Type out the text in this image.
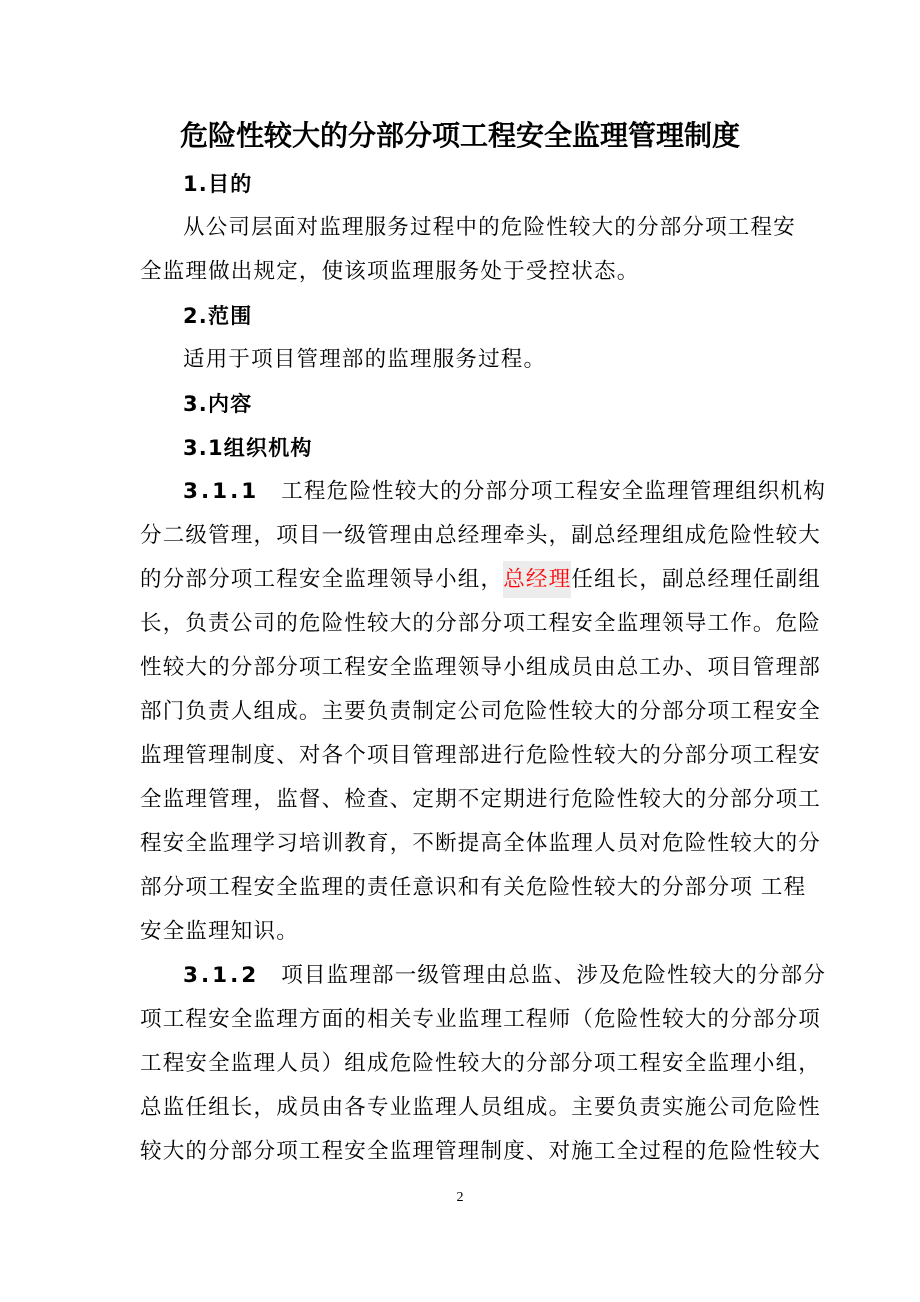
危险性较大的分部分项工程安全监理管理制度
1.目的
从公司层面对监理服务过程中的危险性较大的分部分项工程安
全监理做出规定，使该项监理服务处于受控状态。
2.范围
适用于项目管理部的监理服务过程。
3.内容
3.1组织机构
3.1.1 工程危险性较大的分部分项工程安全监理管理组织机构
分二级管理，项目一级管理由总经理牵头，副总经理组成危险性较大
的分部分项工程安全监理领导小组，总经理任组长，副总经理任副组
长，负责公司的危险性较大的分部分项工程安全监理领导工作。危险
性较大的分部分项工程安全监理领导小组成员由总工办、项目管理部
部门负责人组成。主要负责制定公司危险性较大的分部分项工程安全
监理管理制度、对各个项目管理部进行危险性较大的分部分项工程安
全监理管理，监督、检查、定期不定期进行危险性较大的分部分项工
程安全监理学习培训教育，不断提高全体监理人员对危险性较大的分
部分项工程安全监理的责任意识和有关危险性较大的分部分项 工程
安全监理知识。
3.1.2 项目监理部一级管理由总监、涉及危险性较大的分部分
项工程安全监理方面的相关专业监理工程师（危险性较大的分部分项
工程安全监理人员）组成危险性较大的分部分项工程安全监理小组，
总监任组长，成员由各专业监理人员组成。主要负责实施公司危险性
较大的分部分项工程安全监理管理制度、对施工全过程的危险性较大
2
